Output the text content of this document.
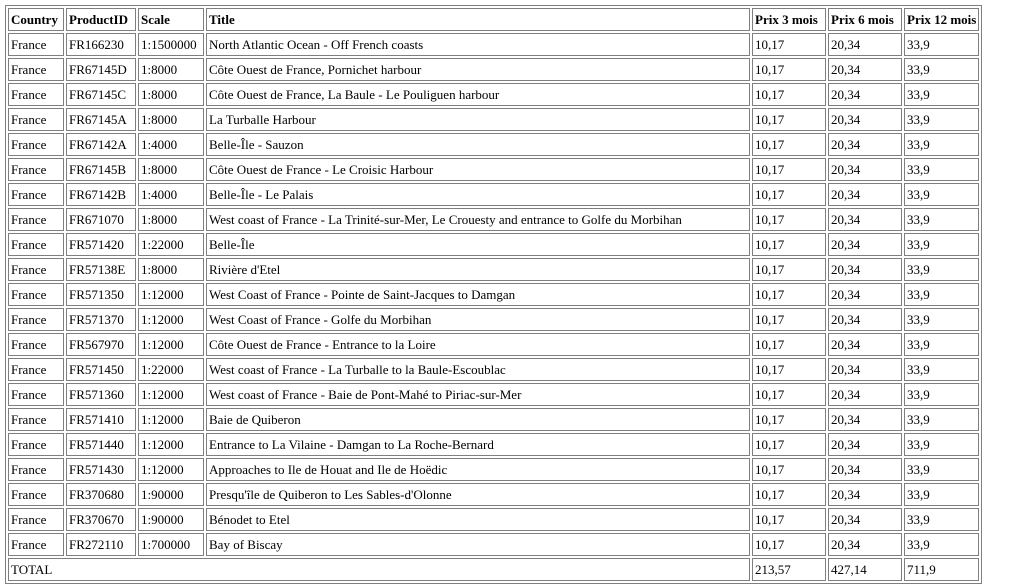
Country	ProductID	Scale	Title	Prix 3 mois	Prix 6 mois	Prix 12 mois
France	FR166230	1:1500000	North Atlantic Ocean - Off French coasts	10,17	20,34	33,9
France	FR67145D	1:8000	Côte Ouest de France, Pornichet harbour	10,17	20,34	33,9
France	FR67145C	1:8000	Côte Ouest de France, La Baule - Le Pouliguen harbour	10,17	20,34	33,9
France	FR67145A	1:8000	La Turballe Harbour	10,17	20,34	33,9
France	FR67142A	1:4000	Belle-Île - Sauzon	10,17	20,34	33,9
France	FR67145B	1:8000	Côte Ouest de France - Le Croisic Harbour	10,17	20,34	33,9
France	FR67142B	1:4000	Belle-Île - Le Palais	10,17	20,34	33,9
France	FR671070	1:8000	West coast of France - La Trinité-sur-Mer, Le Crouesty and entrance to Golfe du Morbihan	10,17	20,34	33,9
France	FR571420	1:22000	Belle-Île	10,17	20,34	33,9
France	FR57138E	1:8000	Rivière d'Etel	10,17	20,34	33,9
France	FR571350	1:12000	West Coast of France - Pointe de Saint-Jacques to Damgan	10,17	20,34	33,9
France	FR571370	1:12000	West Coast of France - Golfe du Morbihan	10,17	20,34	33,9
France	FR567970	1:12000	Côte Ouest de France - Entrance to la Loire	10,17	20,34	33,9
France	FR571450	1:22000	West coast of France - La Turballe to la Baule-Escoublac	10,17	20,34	33,9
France	FR571360	1:12000	West coast of France - Baie de Pont-Mahé to Piriac-sur-Mer	10,17	20,34	33,9
France	FR571410	1:12000	Baie de Quiberon	10,17	20,34	33,9
France	FR571440	1:12000	Entrance to La Vilaine - Damgan to La Roche-Bernard	10,17	20,34	33,9
France	FR571430	1:12000	Approaches to Ile de Houat and Ile de Hoëdic	10,17	20,34	33,9
France	FR370680	1:90000	Presqu'île de Quiberon to Les Sables-d'Olonne	10,17	20,34	33,9
France	FR370670	1:90000	Bénodet to Etel	10,17	20,34	33,9
France	FR272110	1:700000	Bay of Biscay	10,17	20,34	33,9
TOTAL				213,57	427,14	711,9
